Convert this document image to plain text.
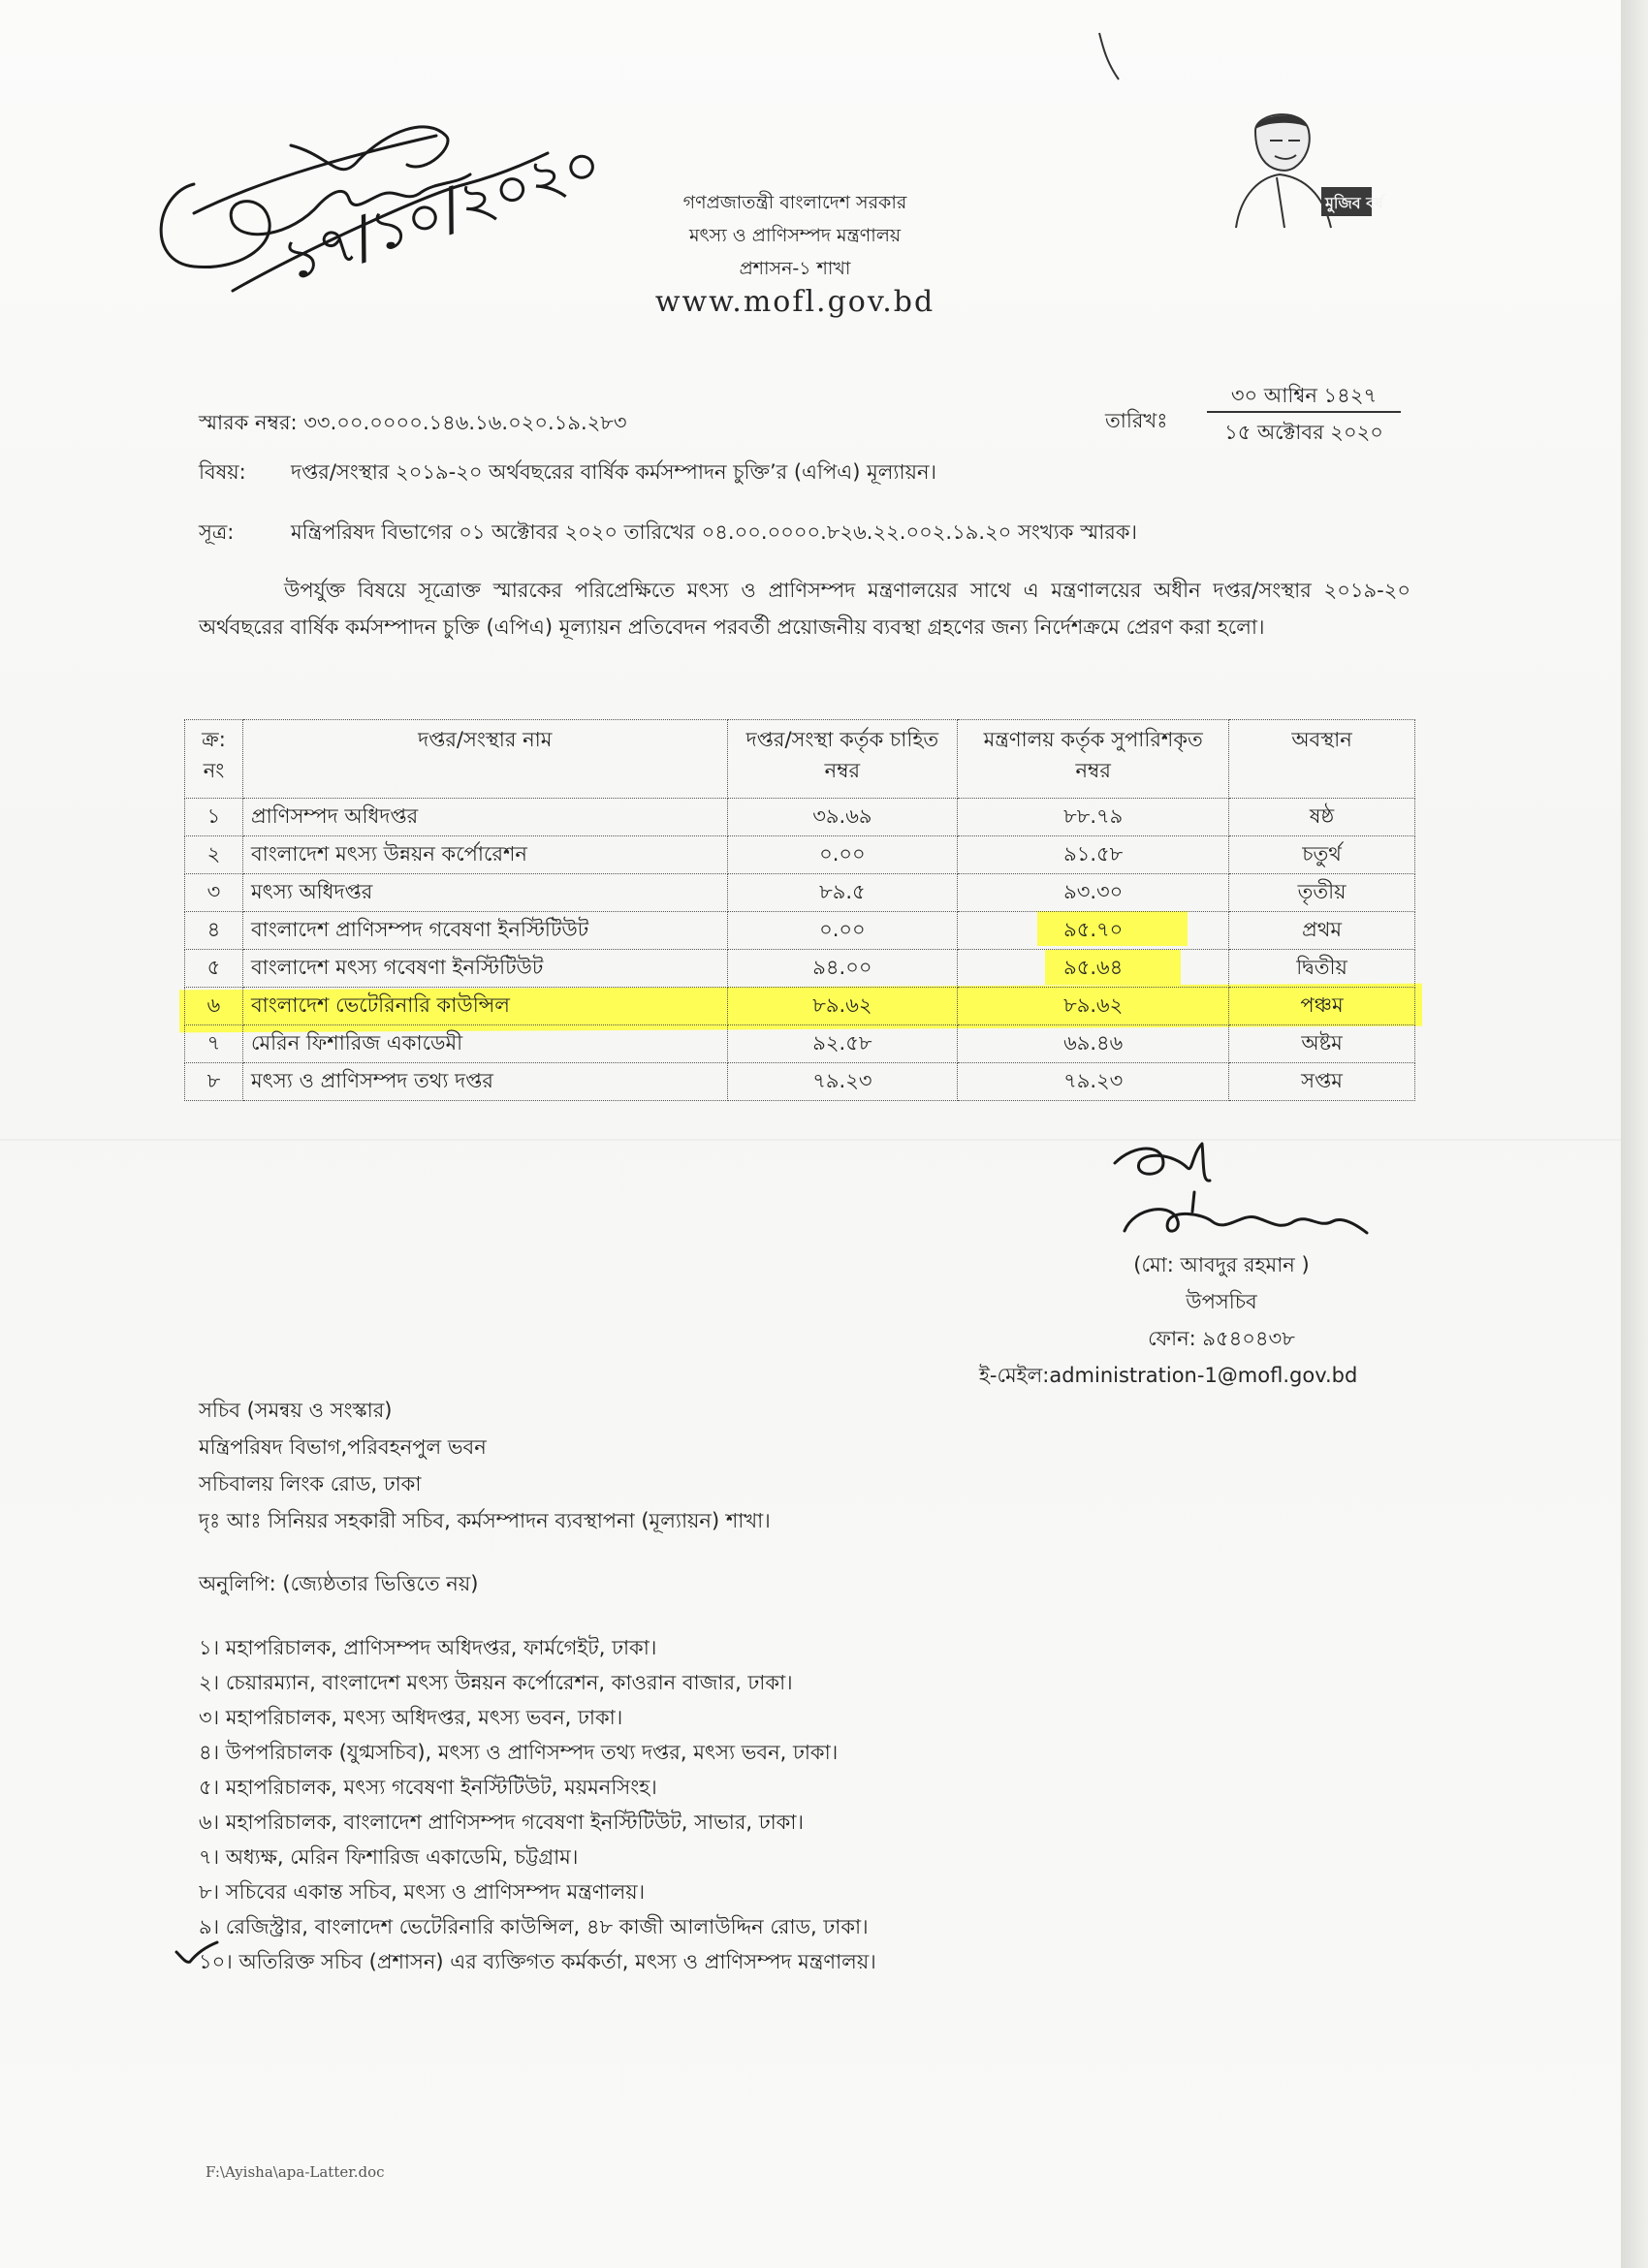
১৭/১০/২০২০	গণপ্রজাতন্ত্রী বাংলাদেশ সরকার
মৎস্য ও প্রাণিসম্পদ মন্ত্রণালয়
প্রশাসন-১ শাখা
www.mofl.gov.bd
মুজিব বর্ষ
স্মারক নম্বর: ৩৩.০০.০০০০.১৪৬.১৬.০২০.১৯.২৮৩	তারিখঃ
৩০ আশ্বিন ১৪২৭
১৫ অক্টোবর ২০২০
বিষয়: দপ্তর/সংস্থার ২০১৯-২০ অর্থবছরের বার্ষিক কর্মসম্পাদন চুক্তি’র (এপিএ) মূল্যায়ন।
সূত্র:	মন্ত্রিপরিষদ বিভাগের ০১ অক্টোবর ২০২০ তারিখের ০৪.০০.০০০০.৮২৬.২২.০০২.১৯.২০ সংখ্যক স্মারক।
উপর্যুক্ত বিষয়ে সূত্রোক্ত স্মারকের পরিপ্রেক্ষিতে মৎস্য ও প্রাণিসম্পদ মন্ত্রণালয়ের সাথে এ মন্ত্রণালয়ের অধীন দপ্তর/সংস্থার ২০১৯-২০ অর্থবছরের বার্ষিক কর্মসম্পাদন চুক্তি (এপিএ) মূল্যায়ন প্রতিবেদন পরবর্তী প্রয়োজনীয় ব্যবস্থা গ্রহণের জন্য নির্দেশক্রমে প্রেরণ করা হলো।
ক্র: নং	দপ্তর/সংস্থার নাম	দপ্তর/সংস্থা কর্তৃক চাহিত নম্বর	মন্ত্রণালয় কর্তৃক সুপারিশকৃত নম্বর	অবস্থান
১	প্রাণিসম্পদ অধিদপ্তর	৩৯.৬৯	৮৮.৭৯	ষষ্ঠ
২	বাংলাদেশ মৎস্য উন্নয়ন কর্পোরেশন	০.০০	৯১.৫৮	চতুর্থ
৩	মৎস্য অধিদপ্তর	৮৯.৫	৯৩.৩০	তৃতীয়
৪	বাংলাদেশ প্রাণিসম্পদ গবেষণা ইনস্টিটিউট	০.০০	৯৫.৭০	প্রথম
৫	বাংলাদেশ মৎস্য গবেষণা ইনস্টিটিউট	৯৪.০০	৯৫.৬৪	দ্বিতীয়
৬	বাংলাদেশ ভেটেরিনারি কাউন্সিল	৮৯.৬২	৮৯.৬২	পঞ্চম
৭	মেরিন ফিশারিজ একাডেমী	৯২.৫৮	৬৯.৪৬	অষ্টম
৮	মৎস্য ও প্রাণিসম্পদ তথ্য দপ্তর	৭৯.২৩	৭৯.২৩	সপ্তম
(মো: আবদুর রহমান )
উপসচিব
ফোন: ৯৫৪০৪৩৮
ই-মেইল:administration-1@mofl.gov.bd
সচিব (সমন্বয় ও সংস্কার)
মন্ত্রিপরিষদ বিভাগ,পরিবহনপুল ভবন
সচিবালয় লিংক রোড, ঢাকা
দৃঃ আঃ সিনিয়র সহকারী সচিব, কর্মসম্পাদন ব্যবস্থাপনা (মূল্যায়ন) শাখা।
অনুলিপি: (জ্যেষ্ঠতার ভিত্তিতে নয়)
১। মহাপরিচালক, প্রাণিসম্পদ অধিদপ্তর, ফার্মগেইট, ঢাকা।
২। চেয়ারম্যান, বাংলাদেশ মৎস্য উন্নয়ন কর্পোরেশন, কাওরান বাজার, ঢাকা।
৩। মহাপরিচালক, মৎস্য অধিদপ্তর, মৎস্য ভবন, ঢাকা।
৪। উপপরিচালক (যুগ্মসচিব), মৎস্য ও প্রাণিসম্পদ তথ্য দপ্তর, মৎস্য ভবন, ঢাকা।
৫। মহাপরিচালক, মৎস্য গবেষণা ইনস্টিটিউট, ময়মনসিংহ।
৬। মহাপরিচালক, বাংলাদেশ প্রাণিসম্পদ গবেষণা ইনস্টিটিউট, সাভার, ঢাকা।
৭। অধ্যক্ষ, মেরিন ফিশারিজ একাডেমি, চট্টগ্রাম।
৮। সচিবের একান্ত সচিব, মৎস্য ও প্রাণিসম্পদ মন্ত্রণালয়।
৯। রেজিস্ট্রার, বাংলাদেশ ভেটেরিনারি কাউন্সিল, ৪৮ কাজী আলাউদ্দিন রোড, ঢাকা।
১০। অতিরিক্ত সচিব (প্রশাসন) এর ব্যক্তিগত কর্মকর্তা, মৎস্য ও প্রাণিসম্পদ মন্ত্রণালয়।
F:\Ayisha\apa-Latter.doc
